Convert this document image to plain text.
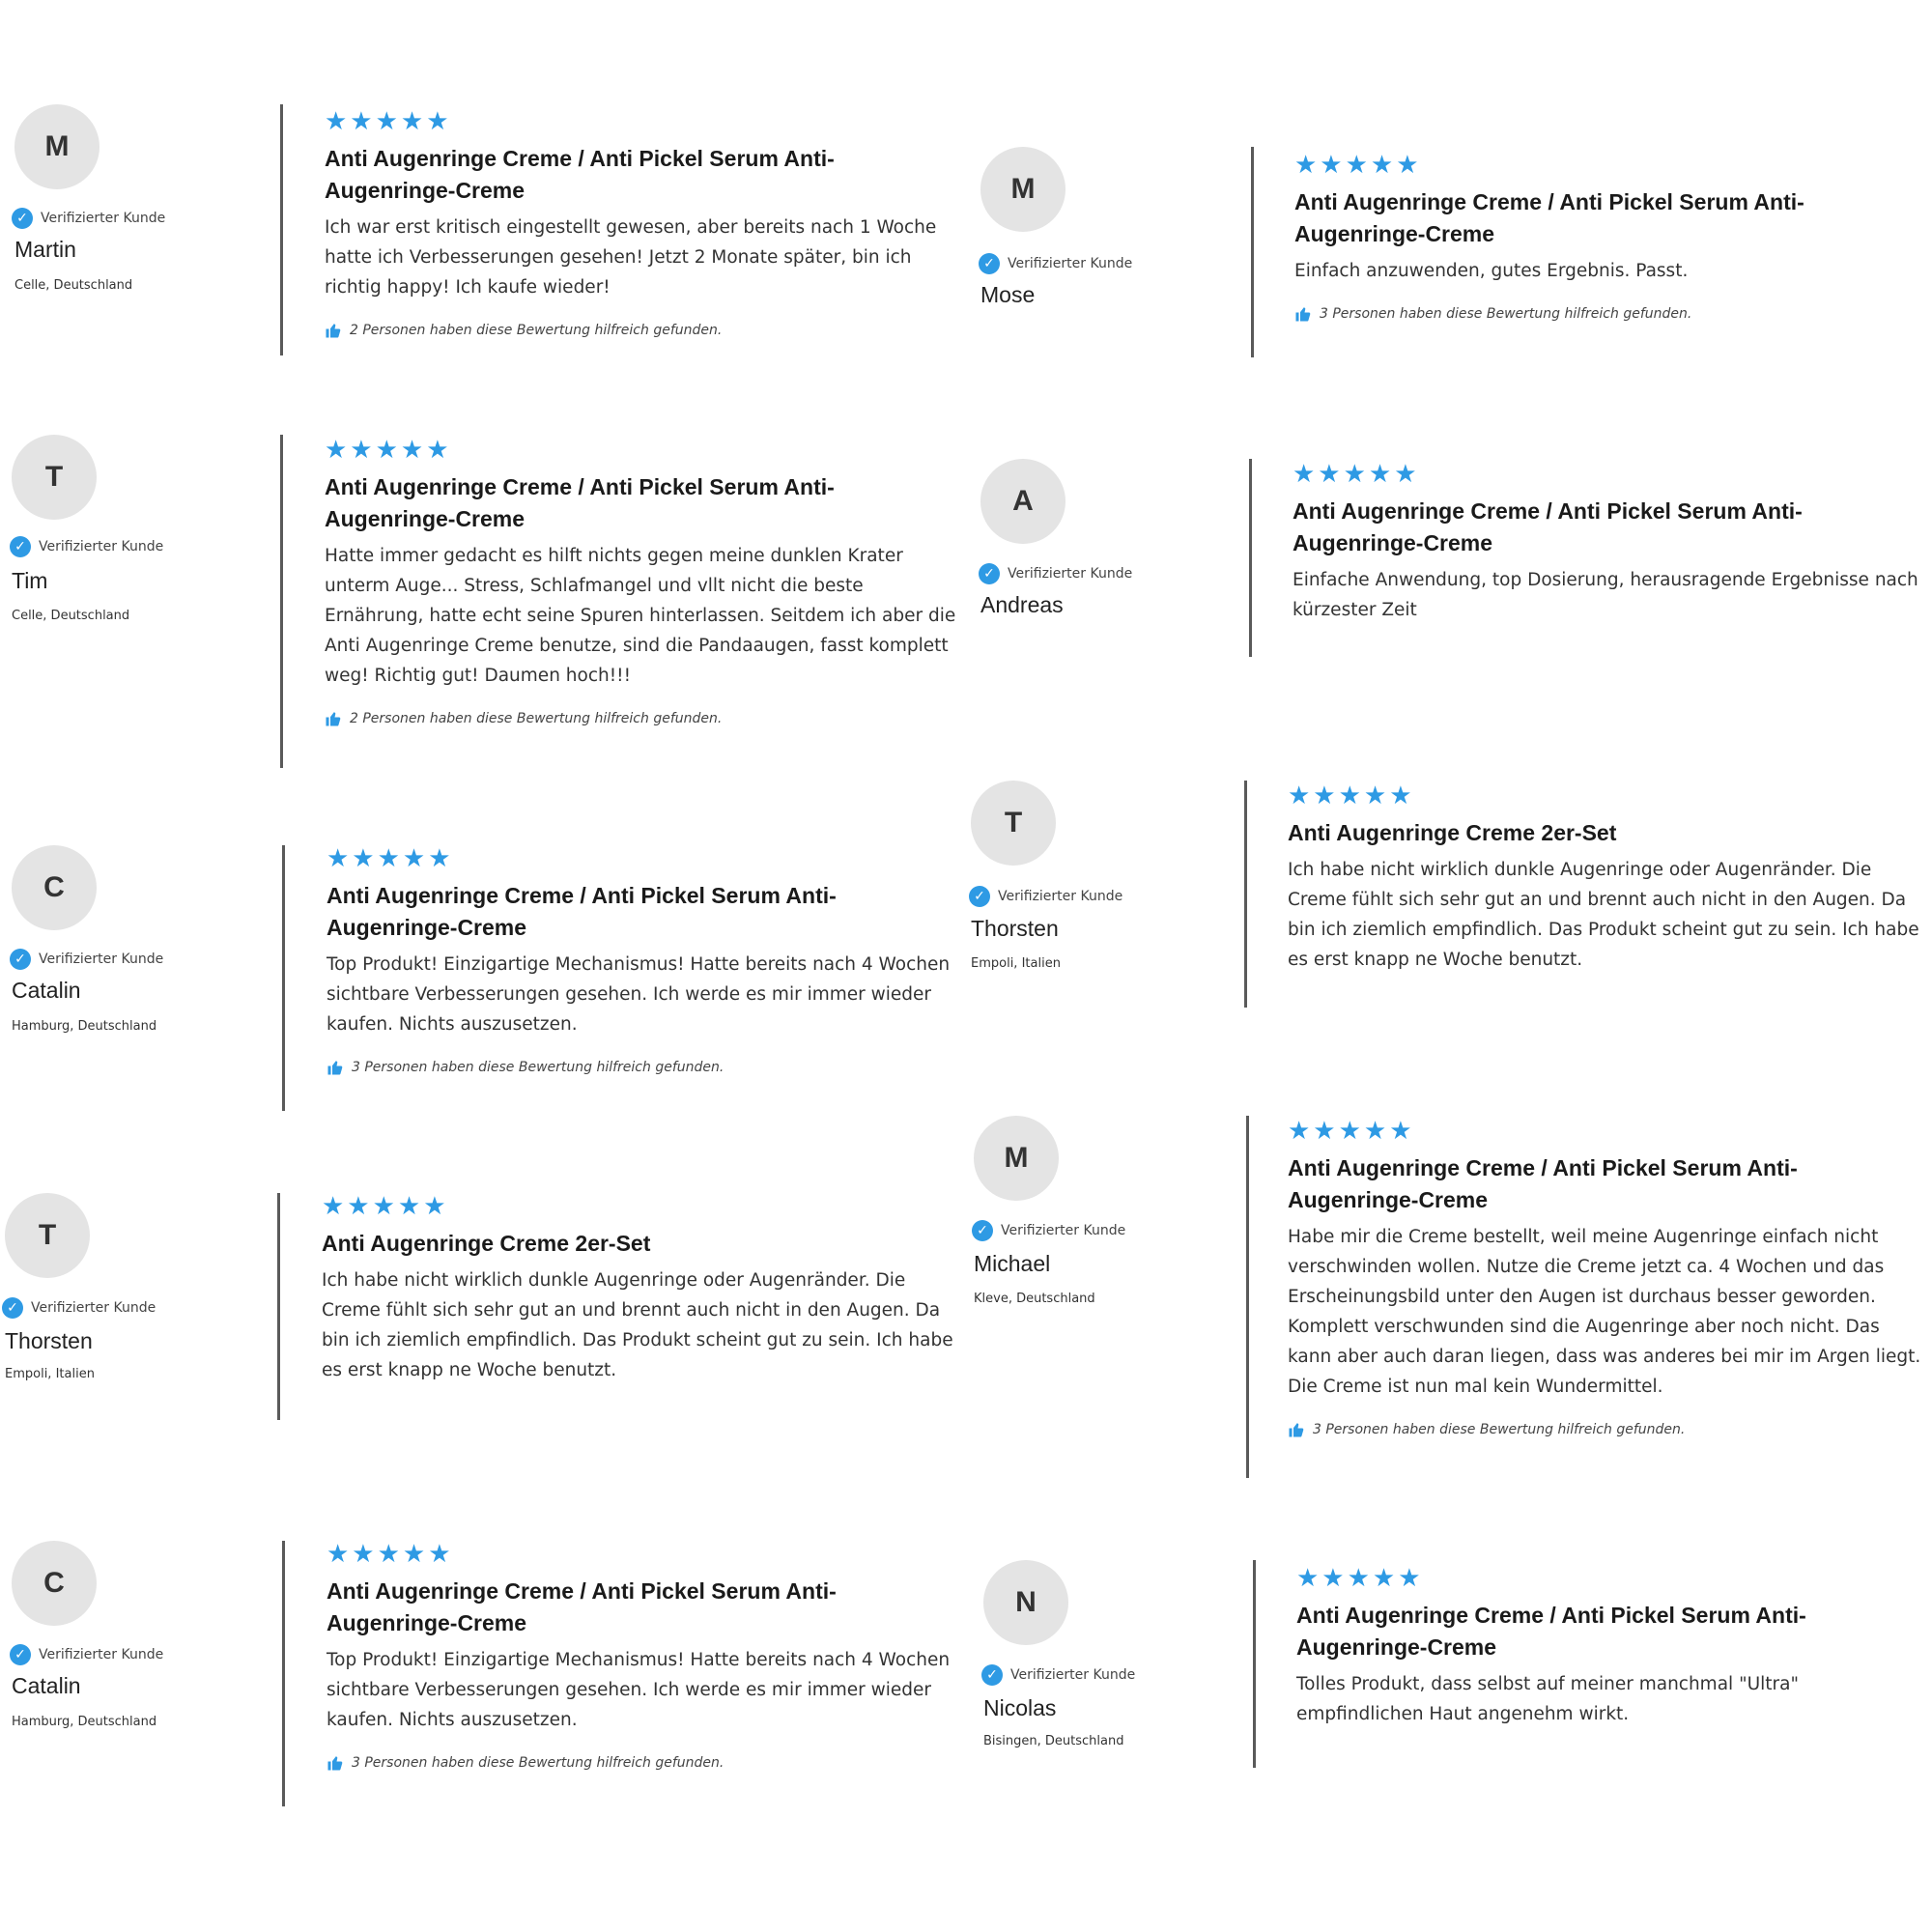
M
✓ Verifizierter Kunde
Martin
Celle, Deutschland
★★★★★
Anti Augenringe Creme / Anti Pickel Serum Anti-Augenringe-Creme
Ich war erst kritisch eingestellt gewesen, aber bereits nach 1 Woche hatte ich Verbesserungen gesehen! Jetzt 2 Monate später, bin ich richtig happy! Ich kaufe wieder!
2 Personen haben diese Bewertung hilfreich gefunden.
M
✓ Verifizierter Kunde
Mose
★★★★★
Anti Augenringe Creme / Anti Pickel Serum Anti-Augenringe-Creme
Einfach anzuwenden, gutes Ergebnis. Passt.
3 Personen haben diese Bewertung hilfreich gefunden.
T
✓ Verifizierter Kunde
Tim
Celle, Deutschland
★★★★★
Anti Augenringe Creme / Anti Pickel Serum Anti-Augenringe-Creme
Hatte immer gedacht es hilft nichts gegen meine dunklen Krater unterm Auge... Stress, Schlafmangel und vllt nicht die beste Ernährung, hatte echt seine Spuren hinterlassen. Seitdem ich aber die Anti Augenringe Creme benutze, sind die Pandaaugen, fasst komplett weg! Richtig gut! Daumen hoch!!!
2 Personen haben diese Bewertung hilfreich gefunden.
A
✓ Verifizierter Kunde
Andreas
★★★★★
Anti Augenringe Creme / Anti Pickel Serum Anti-Augenringe-Creme
Einfache Anwendung, top Dosierung, herausragende Ergebnisse nach kürzester Zeit
C
✓ Verifizierter Kunde
Catalin
Hamburg, Deutschland
★★★★★
Anti Augenringe Creme / Anti Pickel Serum Anti-Augenringe-Creme
Top Produkt! Einzigartige Mechanismus! Hatte bereits nach 4 Wochen sichtbare Verbesserungen gesehen. Ich werde es mir immer wieder kaufen. Nichts auszusetzen.
3 Personen haben diese Bewertung hilfreich gefunden.
T
✓ Verifizierter Kunde
Thorsten
Empoli, Italien
★★★★★
Anti Augenringe Creme 2er-Set
Ich habe nicht wirklich dunkle Augenringe oder Augenränder. Die Creme fühlt sich sehr gut an und brennt auch nicht in den Augen. Da bin ich ziemlich empfindlich. Das Produkt scheint gut zu sein. Ich habe es erst knapp ne Woche benutzt.
T
✓ Verifizierter Kunde
Thorsten
Empoli, Italien
★★★★★
Anti Augenringe Creme 2er-Set
Ich habe nicht wirklich dunkle Augenringe oder Augenränder. Die Creme fühlt sich sehr gut an und brennt auch nicht in den Augen. Da bin ich ziemlich empfindlich. Das Produkt scheint gut zu sein. Ich habe es erst knapp ne Woche benutzt.
M
✓ Verifizierter Kunde
Michael
Kleve, Deutschland
★★★★★
Anti Augenringe Creme / Anti Pickel Serum Anti-Augenringe-Creme
Habe mir die Creme bestellt, weil meine Augenringe einfach nicht verschwinden wollen. Nutze die Creme jetzt ca. 4 Wochen und das Erscheinungsbild unter den Augen ist durchaus besser geworden. Komplett verschwunden sind die Augenringe aber noch nicht. Das kann aber auch daran liegen, dass was anderes bei mir im Argen liegt. Die Creme ist nun mal kein Wundermittel.
3 Personen haben diese Bewertung hilfreich gefunden.
C
✓ Verifizierter Kunde
Catalin
Hamburg, Deutschland
★★★★★
Anti Augenringe Creme / Anti Pickel Serum Anti-Augenringe-Creme
Top Produkt! Einzigartige Mechanismus! Hatte bereits nach 4 Wochen sichtbare Verbesserungen gesehen. Ich werde es mir immer wieder kaufen. Nichts auszusetzen.
3 Personen haben diese Bewertung hilfreich gefunden.
N
✓ Verifizierter Kunde
Nicolas
Bisingen, Deutschland
★★★★★
Anti Augenringe Creme / Anti Pickel Serum Anti-Augenringe-Creme
Tolles Produkt, dass selbst auf meiner manchmal "Ultra" empfindlichen Haut angenehm wirkt.
